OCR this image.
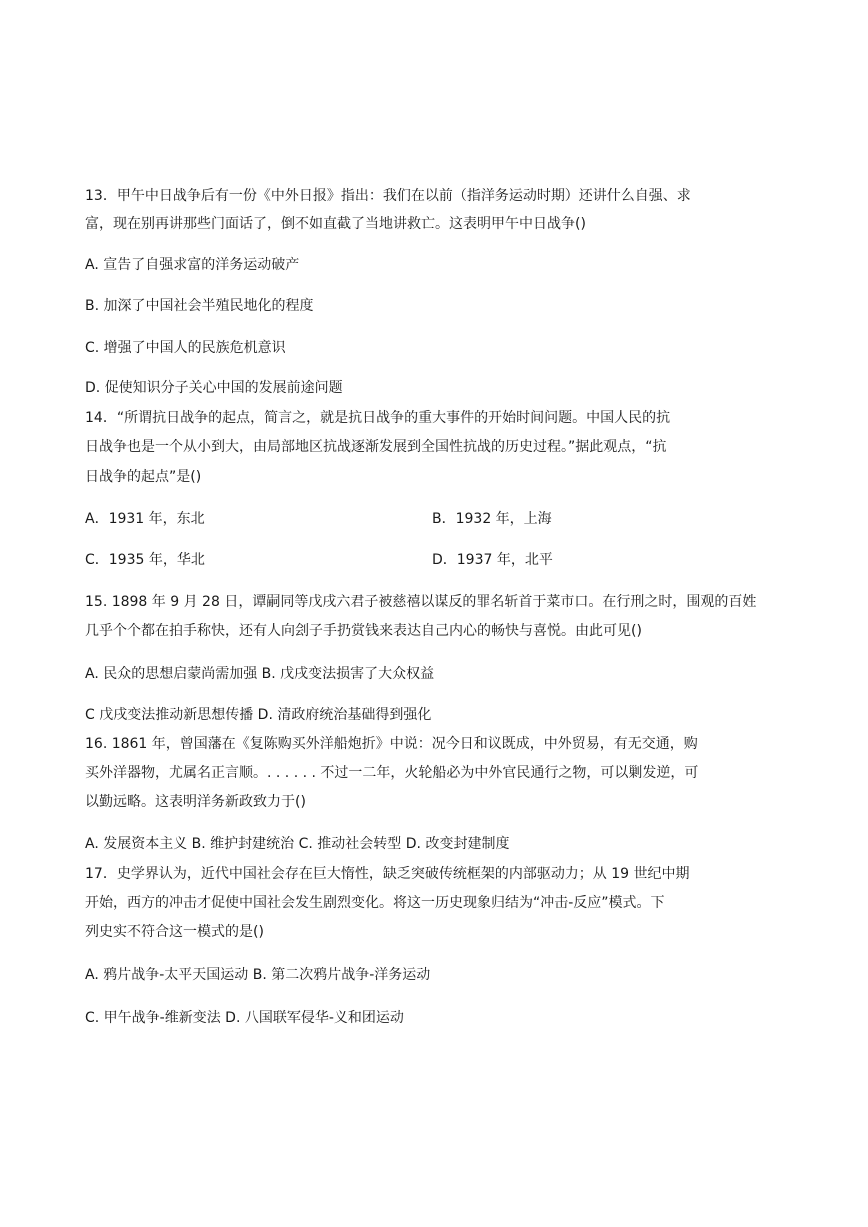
13．甲午中日战争后有一份《中外日报》指出：我们在以前（指洋务运动时期）还讲什么自强、求
富，现在别再讲那些门面话了，倒不如直截了当地讲救亡。这表明甲午中日战争()
A. 宣告了自强求富的洋务运动破产
B. 加深了中国社会半殖民地化的程度
C. 增强了中国人的民族危机意识
D. 促使知识分子关心中国的发展前途问题
14．“所谓抗日战争的起点，简言之，就是抗日战争的重大事件的开始时间问题。中国人民的抗
日战争也是一个从小到大，由局部地区抗战逐渐发展到全国性抗战的历史过程。”据此观点，“抗
日战争的起点”是()
A．1931 年，东北	B．1932 年，上海
C．1935 年，华北	D．1937 年，北平
15. 1898 年 9 月 28 日，谭嗣同等戊戌六君子被慈禧以谋反的罪名斩首于菜市口。在行刑之时，围观的百姓
几乎个个都在拍手称快，还有人向刽子手扔赏钱来表达自己内心的畅快与喜悦。由此可见()
A. 民众的思想启蒙尚需加强 B. 戊戌变法损害了大众权益
C 戊戌变法推动新思想传播 D. 清政府统治基础得到强化
16. 1861 年，曾国藩在《复陈购买外洋船炮折》中说：况今日和议既成，中外贸易，有无交通，购
买外洋器物，尤属名正言顺。. . . . . . 不过一二年，火轮船必为中外官民通行之物，可以剿发逆，可
以勤远略。这表明洋务新政致力于()
A. 发展资本主义 B. 维护封建统治 C. 推动社会转型 D. 改变封建制度
17．史学界认为，近代中国社会存在巨大惰性，缺乏突破传统框架的内部驱动力；从 19 世纪中期
开始，西方的冲击才促使中国社会发生剧烈变化。将这一历史现象归结为“冲击-反应”模式。下
列史实不符合这一模式的是()
A. 鸦片战争-太平天国运动 B. 第二次鸦片战争-洋务运动
C. 甲午战争-维新变法 D. 八国联军侵华-义和团运动
